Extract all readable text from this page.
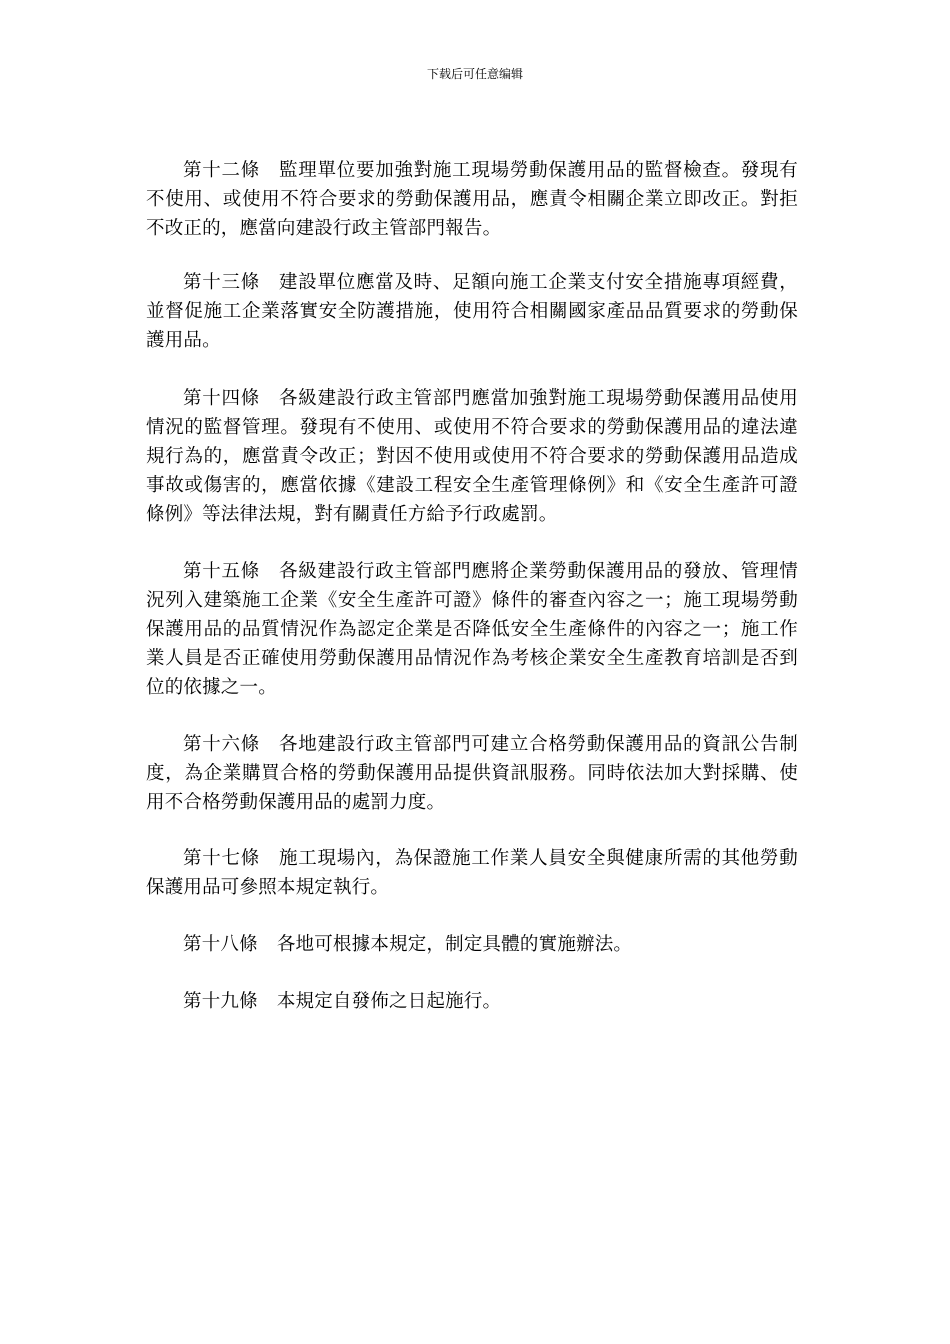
下载后可任意编辑

第十二條 監理單位要加強對施工現場勞動保護用品的監督檢查。發現有不使用、或使用不符合要求的勞動保護用品，應責令相關企業立即改正。對拒不改正的，應當向建設行政主管部門報告。

第十三條 建設單位應當及時、足額向施工企業支付安全措施專項經費，並督促施工企業落實安全防護措施，使用符合相關國家產品品質要求的勞動保護用品。

第十四條 各級建設行政主管部門應當加強對施工現場勞動保護用品使用情況的監督管理。發現有不使用、或使用不符合要求的勞動保護用品的違法違規行為的，應當責令改正；對因不使用或使用不符合要求的勞動保護用品造成事故或傷害的，應當依據《建設工程安全生產管理條例》和《安全生產許可證條例》等法律法規，對有關責任方給予行政處罰。

第十五條 各級建設行政主管部門應將企業勞動保護用品的發放、管理情況列入建築施工企業《安全生產許可證》條件的審查內容之一；施工現場勞動保護用品的品質情況作為認定企業是否降低安全生產條件的內容之一；施工作業人員是否正確使用勞動保護用品情況作為考核企業安全生產教育培訓是否到位的依據之一。

第十六條 各地建設行政主管部門可建立合格勞動保護用品的資訊公告制度，為企業購買合格的勞動保護用品提供資訊服務。同時依法加大對採購、使用不合格勞動保護用品的處罰力度。

第十七條 施工現場內，為保證施工作業人員安全與健康所需的其他勞動保護用品可參照本規定執行。

第十八條 各地可根據本規定，制定具體的實施辦法。

第十九條 本規定自發佈之日起施行。
